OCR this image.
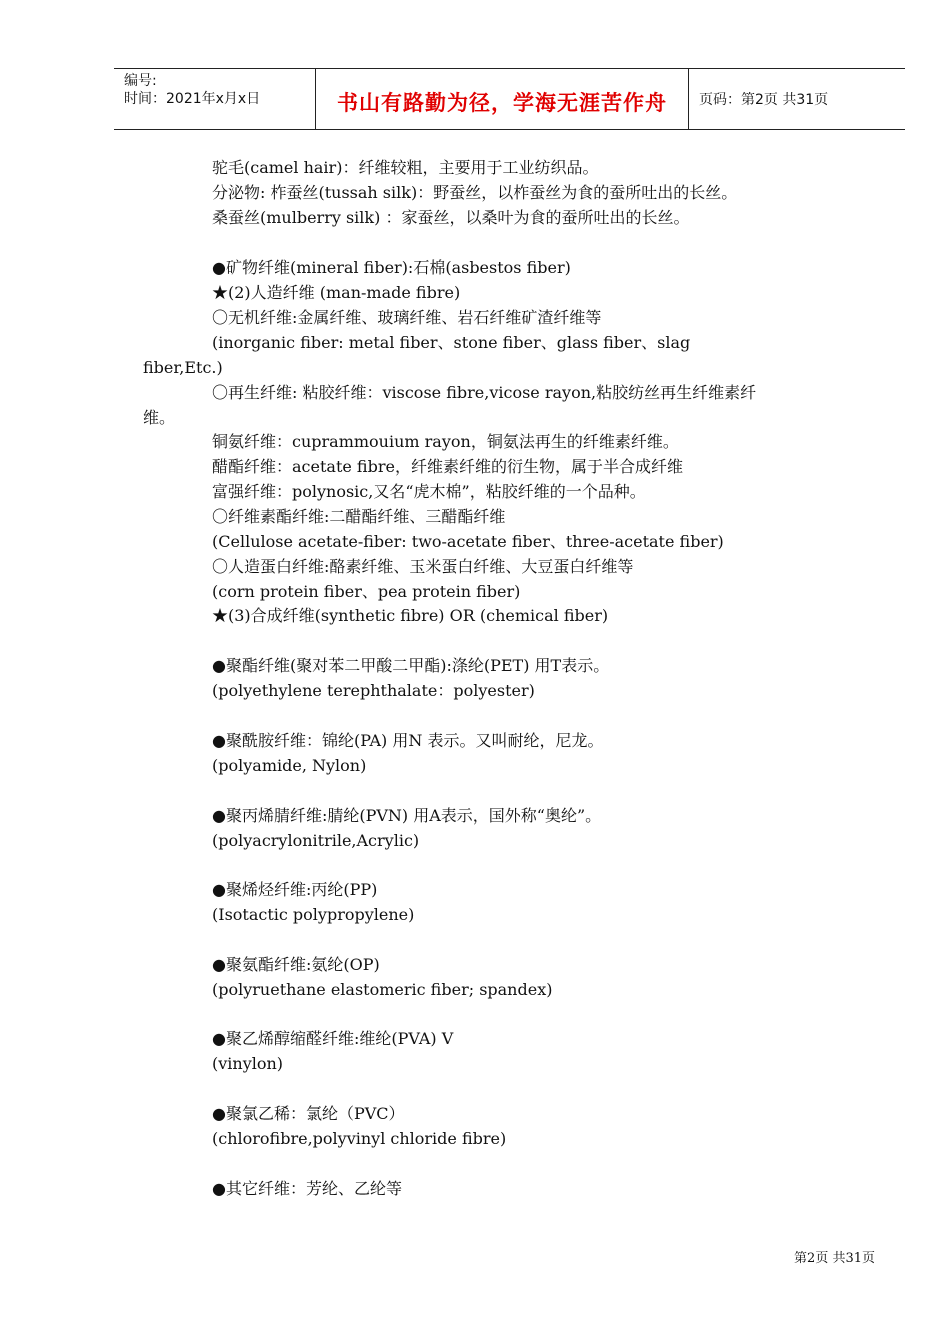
编号:
时间：2021年x月x日	书山有路勤为径，学海无涯苦作舟	页码：第2页 共31页
驼毛(camel hair)：纤维较粗，主要用于工业纺织品。
分泌物: 柞蚕丝(tussah silk)：野蚕丝，以柞蚕丝为食的蚕所吐出的长丝。
桑蚕丝(mulberry silk) ：家蚕丝，以桑叶为食的蚕所吐出的长丝。
●矿物纤维(mineral fiber):石棉(asbestos fiber)
★(2)人造纤维 (man-made fibre)
〇无机纤维:金属纤维、玻璃纤维、岩石纤维矿渣纤维等
(inorganic fiber: metal fiber、stone fiber、glass fiber、slag
fiber,Etc.)
〇再生纤维: 粘胶纤维：viscose fibre,vicose rayon,粘胶纺丝再生纤维素纤
维。
铜氨纤维：cuprammouium rayon，铜氨法再生的纤维素纤维。
醋酯纤维：acetate fibre，纤维素纤维的衍生物，属于半合成纤维
富强纤维：polynosic,又名“虎木棉”，粘胶纤维的一个品种。
〇纤维素酯纤维:二醋酯纤维、三醋酯纤维
(Cellulose acetate-fiber: two-acetate fiber、three-acetate fiber)
〇人造蛋白纤维:酪素纤维、玉米蛋白纤维、大豆蛋白纤维等
(corn protein fiber、pea protein fiber)
★(3)合成纤维(synthetic fibre) OR (chemical fiber)
●聚酯纤维(聚对苯二甲酸二甲酯):涤纶(PET) 用T表示。
(polyethylene terephthalate：polyester)
●聚酰胺纤维：锦纶(PA) 用N 表示。又叫耐纶，尼龙。
(polyamide, Nylon)
●聚丙烯腈纤维:腈纶(PVN) 用A表示，国外称“奥纶”。
(polyacrylonitrile,Acrylic)
●聚烯烃纤维:丙纶(PP)
(Isotactic polypropylene)
●聚氨酯纤维:氨纶(OP)
(polyruethane elastomeric fiber; spandex)
●聚乙烯醇缩醛纤维:维纶(PVA) V
(vinylon)
●聚氯乙稀：氯纶（PVC）
(chlorofibre,polyvinyl chloride fibre)
●其它纤维：芳纶、乙纶等
第2页 共31页
